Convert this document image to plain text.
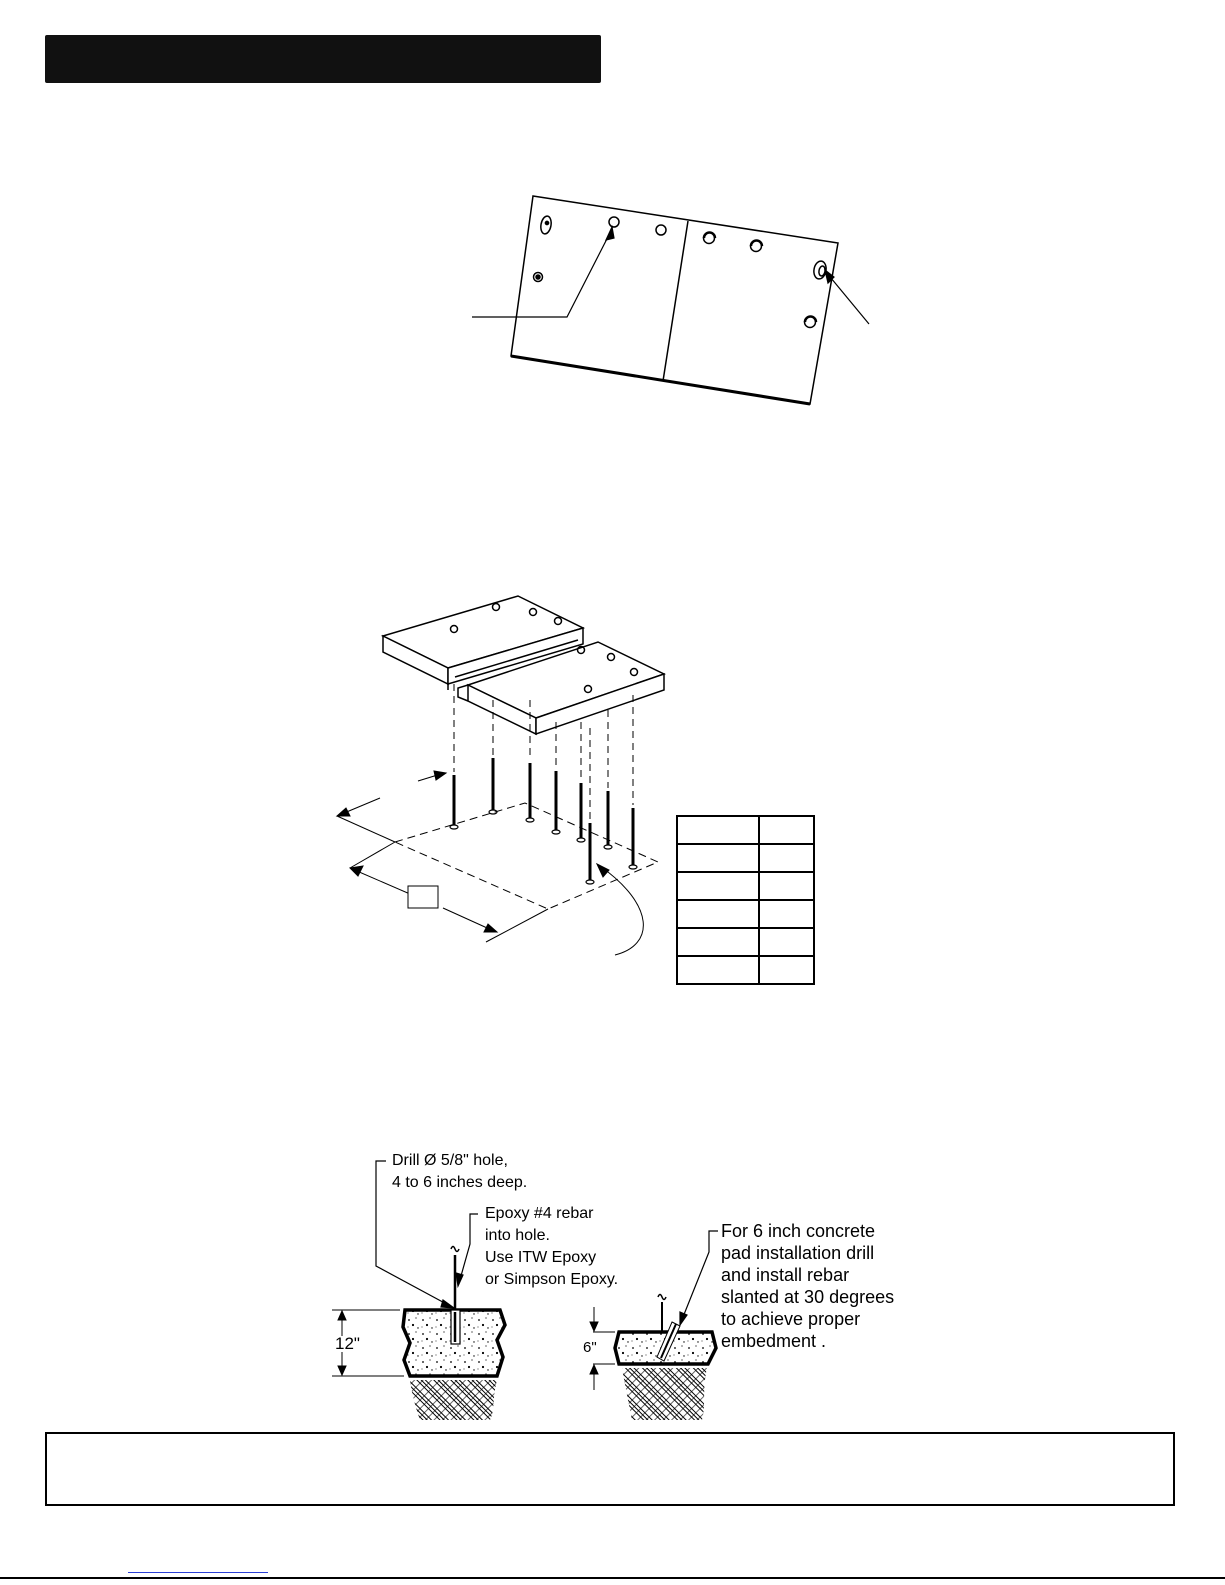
Drill Ø 5/8" hole,
4 to 6 inches deep.
Epoxy #4 rebar
into hole.
Use ITW Epoxy
or Simpson Epoxy.
For 6 inch concrete
pad installation drill
and install rebar
slanted at 30 degrees
to achieve proper
embedment .
12"	6"
